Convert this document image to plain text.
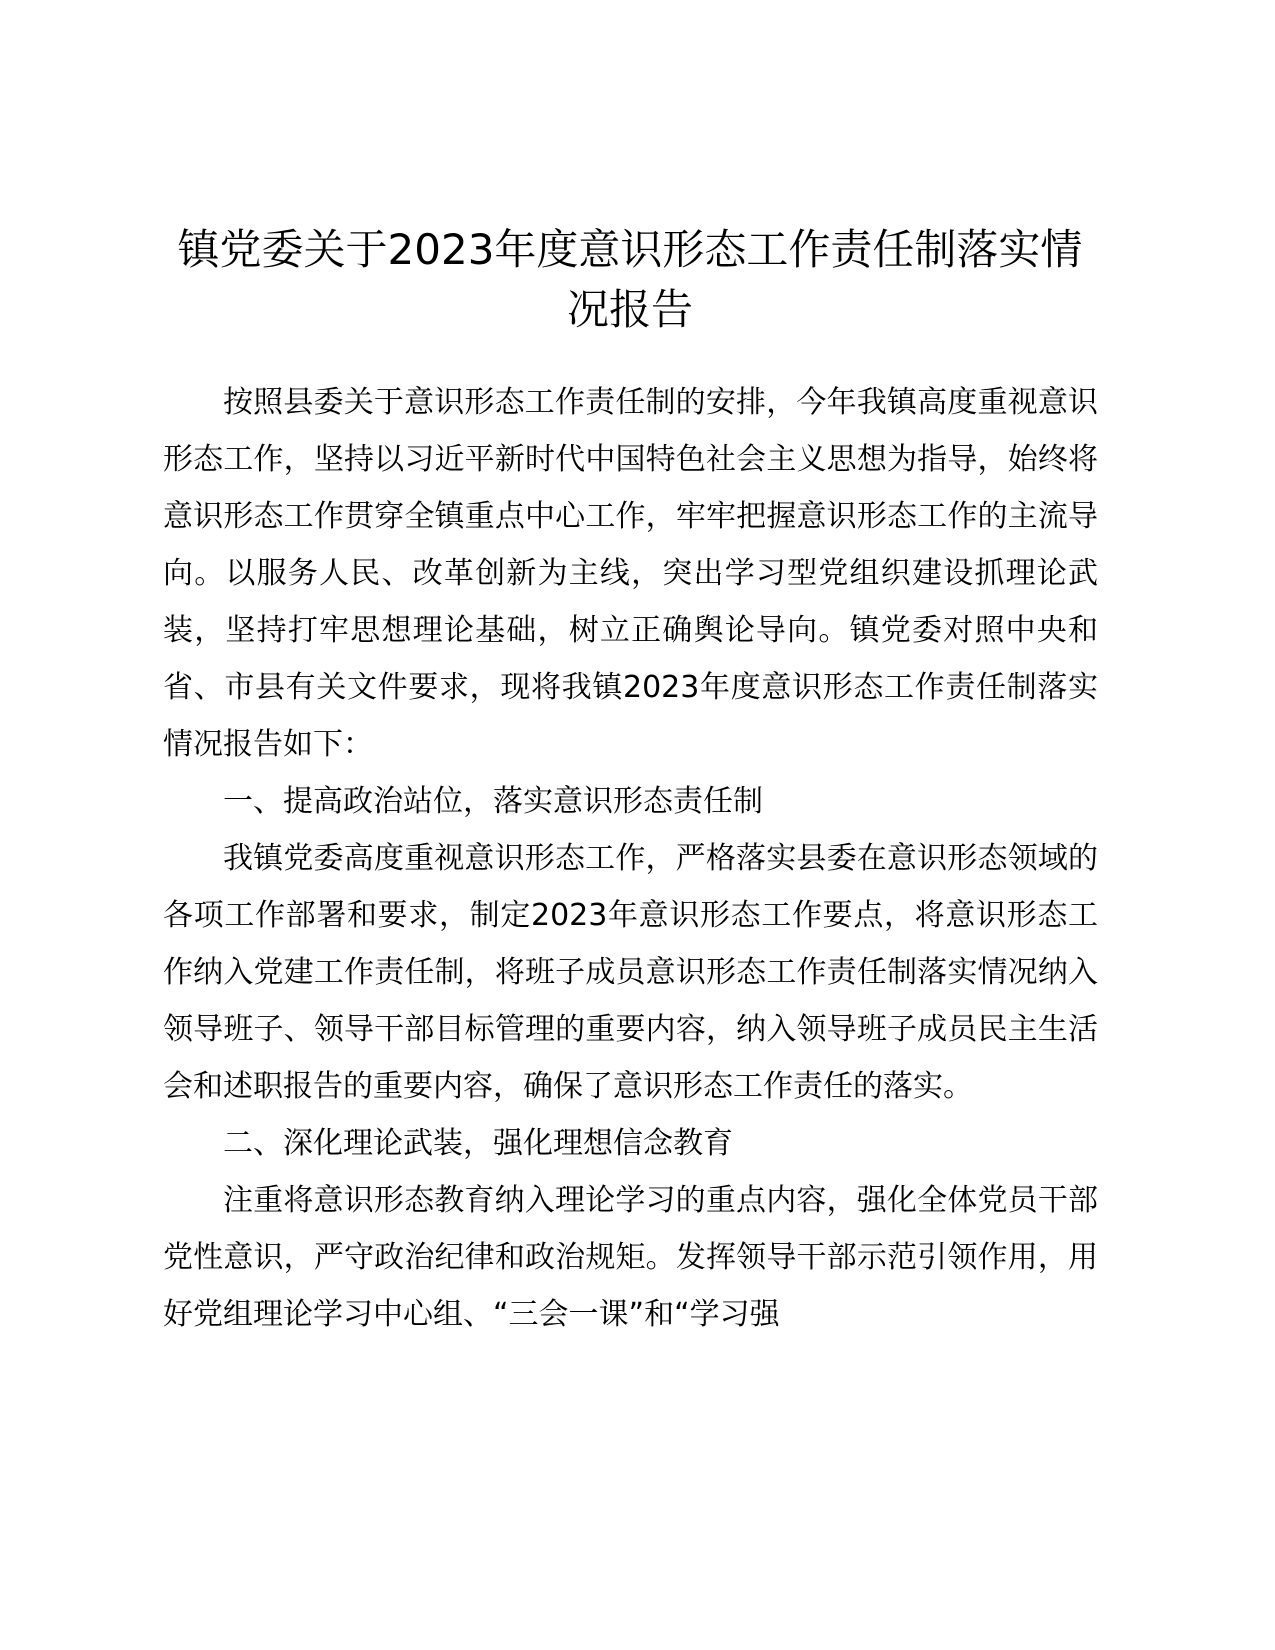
镇党委关于2023年度意识形态工作责任制落实情况报告

按照县委关于意识形态工作责任制的安排，今年我镇高度重视意识形态工作，坚持以习近平新时代中国特色社会主义思想为指导，始终将意识形态工作贯穿全镇重点中心工作，牢牢把握意识形态工作的主流导向。以服务人民、改革创新为主线，突出学习型党组织建设抓理论武装，坚持打牢思想理论基础，树立正确舆论导向。镇党委对照中央和省、市县有关文件要求，现将我镇2023年度意识形态工作责任制落实情况报告如下：

一、提高政治站位，落实意识形态责任制

我镇党委高度重视意识形态工作，严格落实县委在意识形态领域的各项工作部署和要求，制定2023年意识形态工作要点，将意识形态工作纳入党建工作责任制，将班子成员意识形态工作责任制落实情况纳入领导班子、领导干部目标管理的重要内容，纳入领导班子成员民主生活会和述职报告的重要内容，确保了意识形态工作责任的落实。

二、深化理论武装，强化理想信念教育

注重将意识形态教育纳入理论学习的重点内容，强化全体党员干部党性意识，严守政治纪律和政治规矩。发挥领导干部示范引领作用，用好党组理论学习中心组、“三会一课”和“学习强
